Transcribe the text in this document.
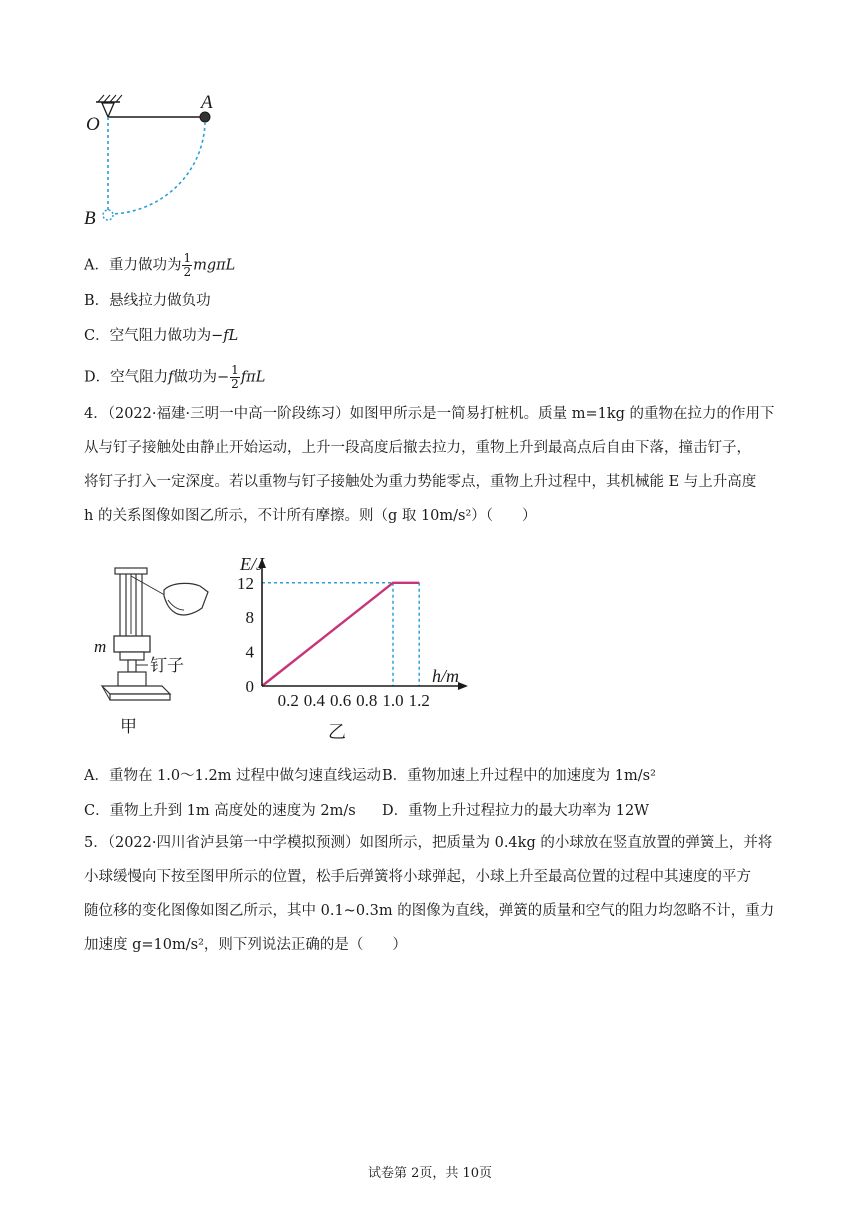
O
A
B
A．重力做功为 $\frac{1}{2}$ mgπL
B．悬线拉力做负功
C．空气阻力做功为−fL
D．空气阻力f做功为− $\frac{1}{2}$ fπL
4．（2022·福建·三明一中高一阶段练习）如图甲所示是一简易打桩机。质量 m=1kg 的重物在拉力的作用下
从与钉子接触处由静止开始运动，上升一段高度后撤去拉力，重物上升到最高点后自由下落，撞击钉子，
将钉子打入一定深度。若以重物与钉子接触处为重力势能零点，重物上升过程中，其机械能 E 与上升高度
h 的关系图像如图乙所示，不计所有摩擦。则（g 取 10m/s²）（　　）
m
钉子
甲
0.2 0.4 0.6 0.8 1.0 1.2
0
4
8
12
E/J
h/m
乙
A．重物在 1.0～1.2m 过程中做匀速直线运动 B．重物加速上升过程中的加速度为 1m/s²
C．重物上升到 1m 高度处的速度为 2m/s D．重物上升过程拉力的最大功率为 12W
5．（2022·四川省泸县第一中学模拟预测）如图所示，把质量为 0.4kg 的小球放在竖直放置的弹簧上，并将
小球缓慢向下按至图甲所示的位置，松手后弹簧将小球弹起，小球上升至最高位置的过程中其速度的平方
随位移的变化图像如图乙所示，其中 0.1~0.3m 的图像为直线，弹簧的质量和空气的阻力均忽略不计，重力
加速度 g=10m/s²，则下列说法正确的是（　　）
试卷第 2页，共 10页
